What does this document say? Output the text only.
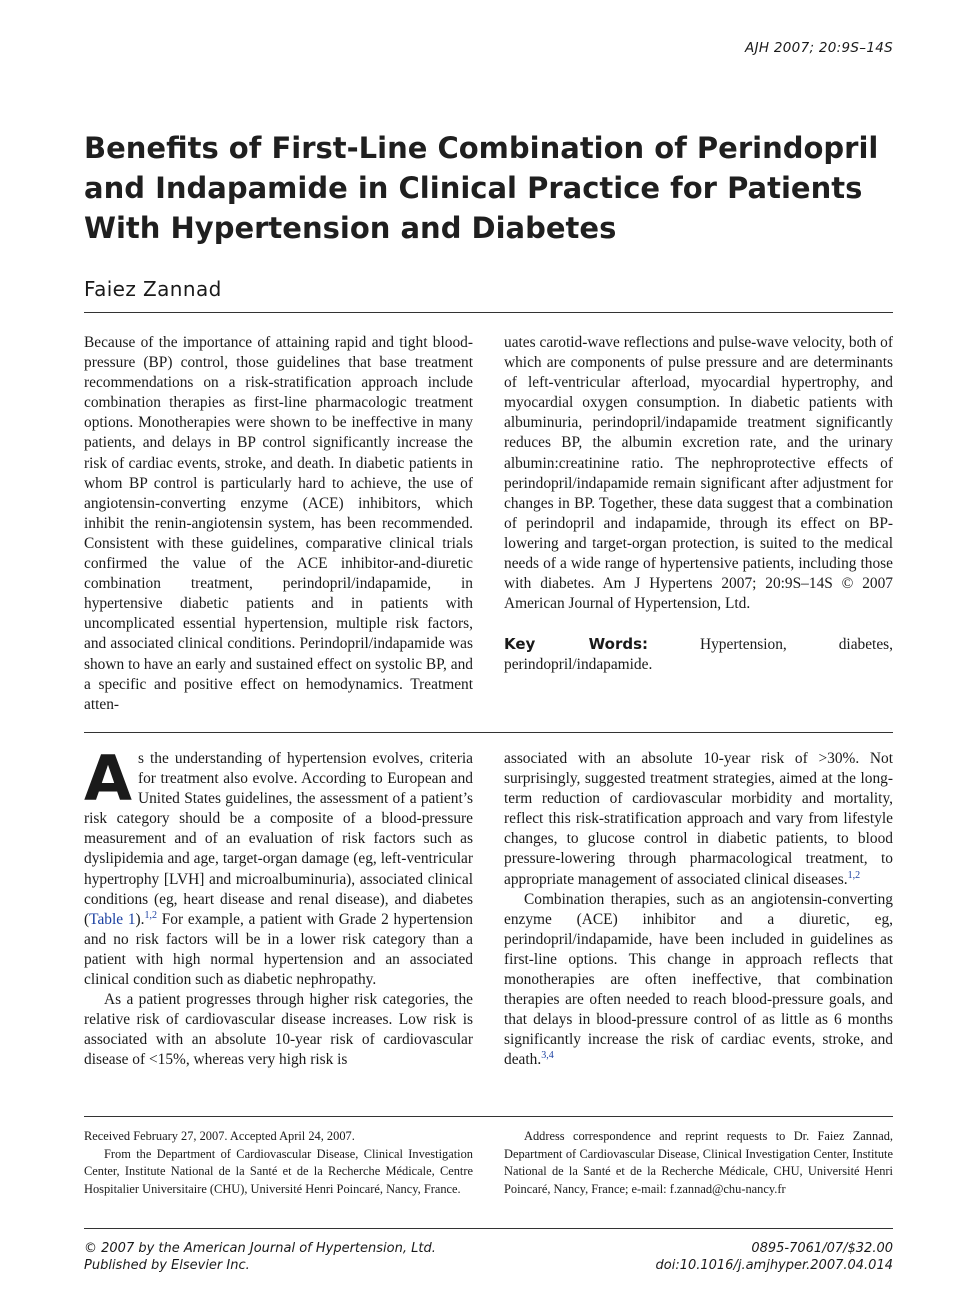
AJH 2007; 20:9S–14S
Benefits of First-Line Combination of Perindopril and Indapamide in Clinical Practice for Patients With Hypertension and Diabetes
Faiez Zannad

Because of the importance of attaining rapid and tight blood-pressure (BP) control, those guidelines that base treatment recommendations on a risk-stratification approach include combination therapies as first-line pharmacologic treatment options. Monotherapies were shown to be ineffective in many patients, and delays in BP control significantly increase the risk of cardiac events, stroke, and death. In diabetic patients in whom BP control is particularly hard to achieve, the use of angiotensin-converting enzyme (ACE) inhibitors, which inhibit the renin-angiotensin system, has been recommended. Consistent with these guidelines, comparative clinical trials confirmed the value of the ACE inhibitor-and-diuretic combination treatment, perindopril/indapamide, in hypertensive diabetic patients and in patients with uncomplicated essential hypertension, multiple risk factors, and associated clinical conditions. Perindopril/indapamide was shown to have an early and sustained effect on systolic BP, and a specific and positive effect on hemodynamics. Treatment atten-

uates carotid-wave reflections and pulse-wave velocity, both of which are components of pulse pressure and are determinants of left-ventricular afterload, myocardial hypertrophy, and myocardial oxygen consumption. In diabetic patients with albuminuria, perindopril/indapamide treatment significantly reduces BP, the albumin excretion rate, and the urinary albumin:creatinine ratio. The nephroprotective effects of perindopril/indapamide remain significant after adjustment for changes in BP. Together, these data suggest that a combination of perindopril and indapamide, through its effect on BP-lowering and target-organ protection, is suited to the medical needs of a wide range of hypertensive patients, including those with diabetes. Am J Hypertens 2007; 20:9S–14S © 2007 American Journal of Hypertension, Ltd.

Key Words:	Hypertension, diabetes, perindopril/indapamide.

As the understanding of hypertension evolves, criteria for treatment also evolve. According to European and United States guidelines, the assessment of a patient’s risk category should be a composite of a blood-pressure measurement and of an evaluation of risk factors such as dyslipidemia and age, target-organ damage (eg, left-ventricular hypertrophy [LVH] and microalbuminuria), associated clinical conditions (eg, heart disease and renal disease), and diabetes (Table 1).$^{1,2}$ For example, a patient with Grade 2 hypertension and no risk factors will be in a lower risk category than a patient with high normal hypertension and an associated clinical condition such as diabetic nephropathy.

As a patient progresses through higher risk categories, the relative risk of cardiovascular disease increases. Low risk is associated with an absolute 10-year risk of cardiovascular disease of <15%, whereas very high risk is

associated with an absolute 10-year risk of >30%. Not surprisingly, suggested treatment strategies, aimed at the long-term reduction of cardiovascular morbidity and mortality, reflect this risk-stratification approach and vary from lifestyle changes, to glucose control in diabetic patients, to blood pressure-lowering through pharmacological treatment, to appropriate management of associated clinical diseases.$^{1,2}$

Combination therapies, such as an angiotensin-converting enzyme (ACE) inhibitor and a diuretic, eg, perindopril/indapamide, have been included in guidelines as first-line options. This change in approach reflects that monotherapies are often ineffective, that combination therapies are often needed to reach blood-pressure goals, and that delays in blood-pressure control of as little as 6 months significantly increase the risk of cardiac events, stroke, and death.$^{3,4}$

Received February 27, 2007. Accepted April 24, 2007.

From the Department of Cardiovascular Disease, Clinical Investigation Center, Institute National de la Santé et de la Recherche Médicale, Centre Hospitalier Universitaire (CHU), Université Henri Poincaré, Nancy, France.

Address correspondence and reprint requests to Dr. Faiez Zannad, Department of Cardiovascular Disease, Clinical Investigation Center, Institute National de la Santé et de la Recherche Médicale, CHU, Université Henri Poincaré, Nancy, France; e-mail: f.zannad@chu-nancy.fr

© 2007 by the American Journal of Hypertension, Ltd.
Published by Elsevier Inc.
0895-7061/07/$32.00
doi:10.1016/j.amjhyper.2007.04.014
